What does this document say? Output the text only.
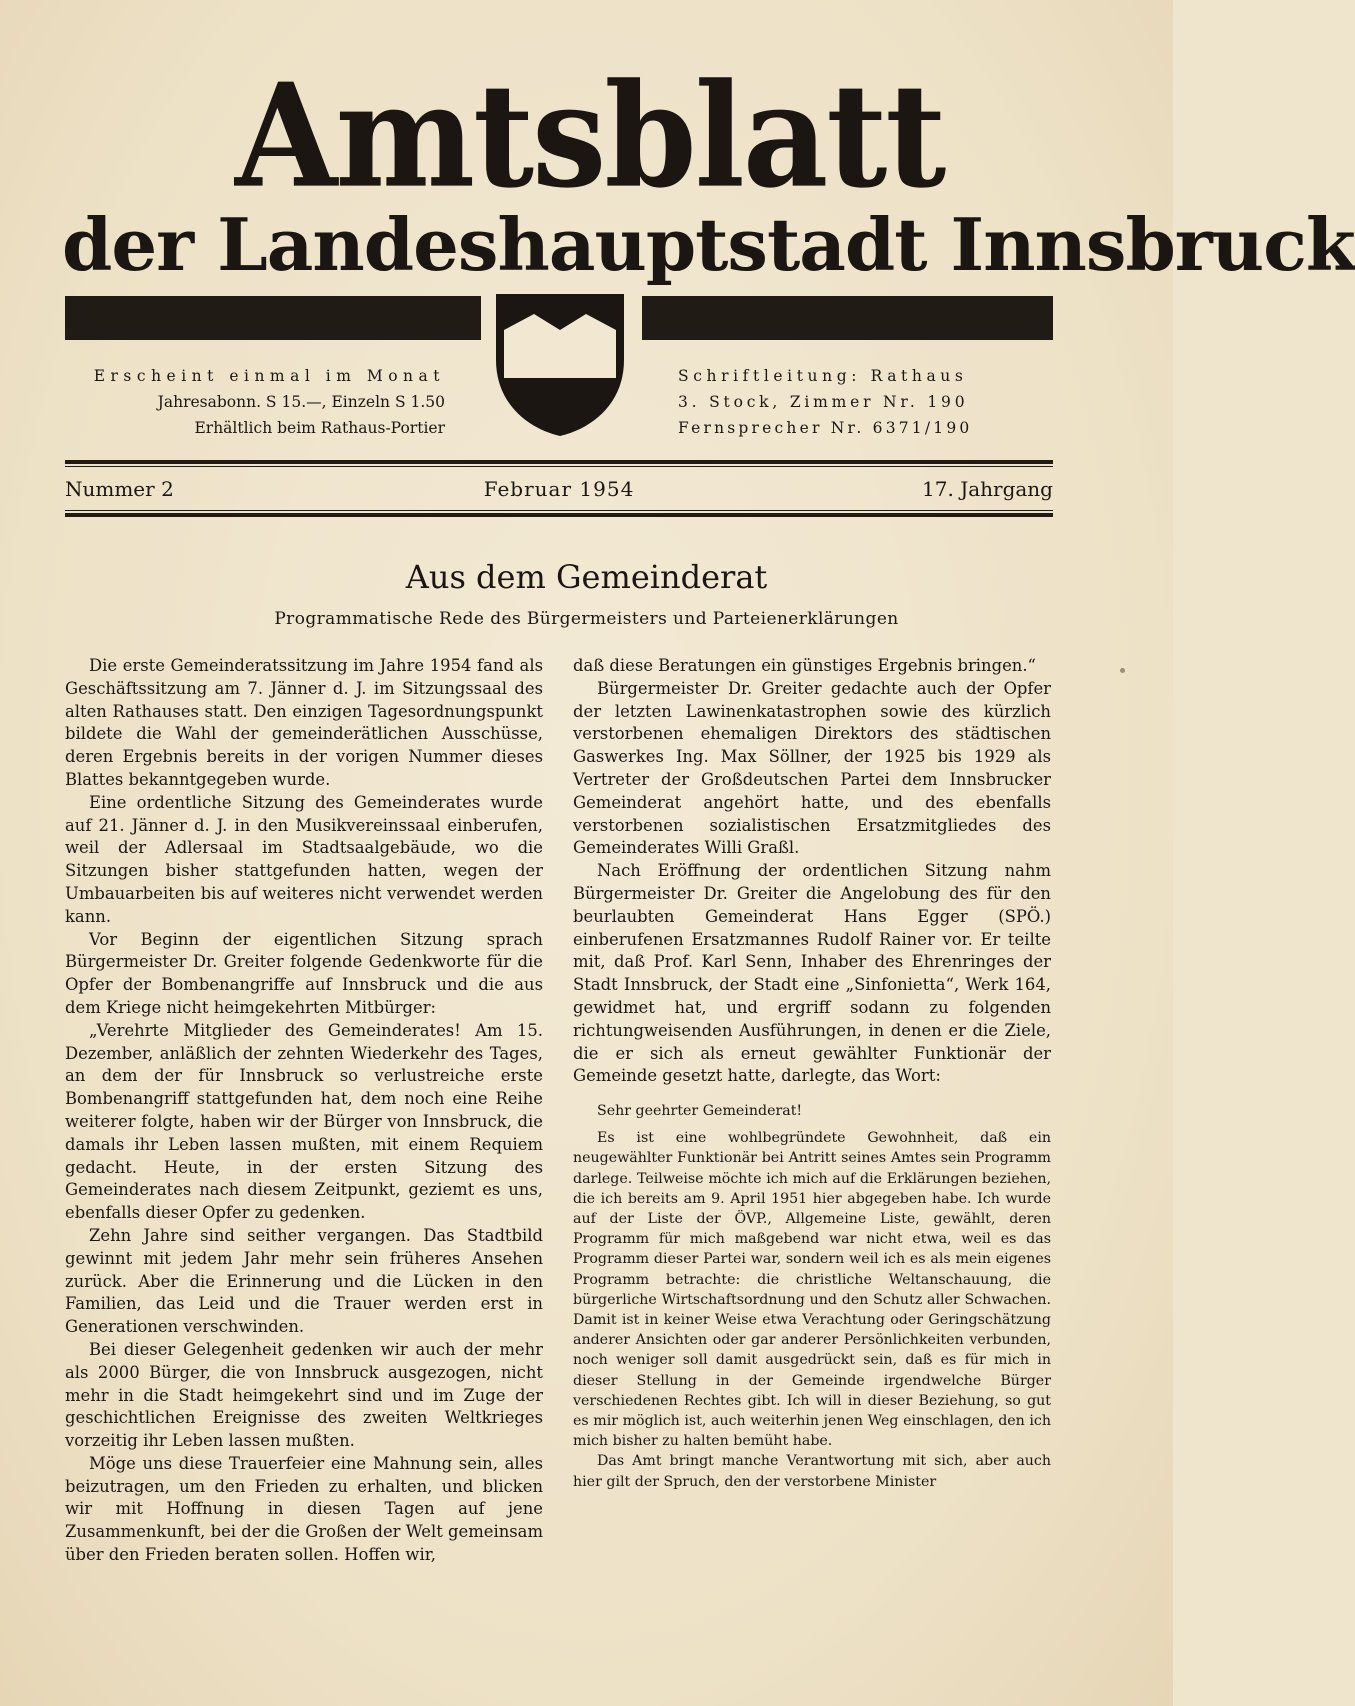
Amtsblatt
der Landeshauptstadt Innsbruck
Erscheint einmal im Monat
Jahresabonn. S 15.—, Einzeln S 1.50
Erhältlich beim Rathaus-Portier
Schriftleitung: Rathaus
3. Stock, Zimmer Nr. 190
Fernsprecher Nr. 6371/190
Nummer 2	Februar 1954	17. Jahrgang
Aus dem Gemeinderat
Programmatische Rede des Bürgermeisters und Parteienerklärungen

Die erste Gemeinderatssitzung im Jahre 1954 fand als Geschäftssitzung am 7. Jänner d. J. im Sitzungssaal des alten Rathauses statt. Den einzigen Tagesordnungspunkt bildete die Wahl der gemeinderätlichen Ausschüsse, deren Ergebnis bereits in der vorigen Nummer dieses Blattes bekanntgegeben wurde.

Eine ordentliche Sitzung des Gemeinderates wurde auf 21. Jänner d. J. in den Musikvereinssaal einberufen, weil der Adlersaal im Stadtsaalgebäude, wo die Sitzungen bisher stattgefunden hatten, wegen der Umbauarbeiten bis auf weiteres nicht verwendet werden kann.

Vor Beginn der eigentlichen Sitzung sprach Bürgermeister Dr. Greiter folgende Gedenkworte für die Opfer der Bombenangriffe auf Innsbruck und die aus dem Kriege nicht heimgekehrten Mitbürger:

„Verehrte Mitglieder des Gemeinderates! Am 15. Dezember, anläßlich der zehnten Wiederkehr des Tages, an dem der für Innsbruck so verlustreiche erste Bombenangriff stattgefunden hat, dem noch eine Reihe weiterer folgte, haben wir der Bürger von Innsbruck, die damals ihr Leben lassen mußten, mit einem Requiem gedacht. Heute, in der ersten Sitzung des Gemeinderates nach diesem Zeitpunkt, geziemt es uns, ebenfalls dieser Opfer zu gedenken.

Zehn Jahre sind seither vergangen. Das Stadtbild gewinnt mit jedem Jahr mehr sein früheres Ansehen zurück. Aber die Erinnerung und die Lücken in den Familien, das Leid und die Trauer werden erst in Generationen verschwinden.

Bei dieser Gelegenheit gedenken wir auch der mehr als 2000 Bürger, die von Innsbruck ausgezogen, nicht mehr in die Stadt heimgekehrt sind und im Zuge der geschichtlichen Ereignisse des zweiten Weltkrieges vorzeitig ihr Leben lassen mußten.

Möge uns diese Trauerfeier eine Mahnung sein, alles beizutragen, um den Frieden zu erhalten, und blicken wir mit Hoffnung in diesen Tagen auf jene Zusammenkunft, bei der die Großen der Welt gemeinsam über den Frieden beraten sollen. Hoffen wir,

daß diese Beratungen ein günstiges Ergebnis bringen.“

Bürgermeister Dr. Greiter gedachte auch der Opfer der letzten Lawinenkatastrophen sowie des kürzlich verstorbenen ehemaligen Direktors des städtischen Gaswerkes Ing. Max Söllner, der 1925 bis 1929 als Vertreter der Großdeutschen Partei dem Innsbrucker Gemeinderat angehört hatte, und des ebenfalls verstorbenen sozialistischen Ersatzmitgliedes des Gemeinderates Willi Graßl.

Nach Eröffnung der ordentlichen Sitzung nahm Bürgermeister Dr. Greiter die Angelobung des für den beurlaubten Gemeinderat Hans Egger (SPÖ.) einberufenen Ersatzmannes Rudolf Rainer vor. Er teilte mit, daß Prof. Karl Senn, Inhaber des Ehrenringes der Stadt Innsbruck, der Stadt eine „Sinfonietta“, Werk 164, gewidmet hat, und ergriff sodann zu folgenden richtungweisenden Ausführungen, in denen er die Ziele, die er sich als erneut gewählter Funktionär der Gemeinde gesetzt hatte, darlegte, das Wort:

Sehr geehrter Gemeinderat!

Es ist eine wohlbegründete Gewohnheit, daß ein neugewählter Funktionär bei Antritt seines Amtes sein Programm darlege. Teilweise möchte ich mich auf die Erklärungen beziehen, die ich bereits am 9. April 1951 hier abgegeben habe. Ich wurde auf der Liste der ÖVP., Allgemeine Liste, gewählt, deren Programm für mich maßgebend war nicht etwa, weil es das Programm dieser Partei war, sondern weil ich es als mein eigenes Programm betrachte: die christliche Weltanschauung, die bürgerliche Wirtschaftsordnung und den Schutz aller Schwachen. Damit ist in keiner Weise etwa Verachtung oder Geringschätzung anderer Ansichten oder gar anderer Persönlichkeiten verbunden, noch weniger soll damit ausgedrückt sein, daß es für mich in dieser Stellung in der Gemeinde irgendwelche Bürger verschiedenen Rechtes gibt. Ich will in dieser Beziehung, so gut es mir möglich ist, auch weiterhin jenen Weg einschlagen, den ich mich bisher zu halten bemüht habe.

Das Amt bringt manche Verantwortung mit sich, aber auch hier gilt der Spruch, den der verstorbene Minister
